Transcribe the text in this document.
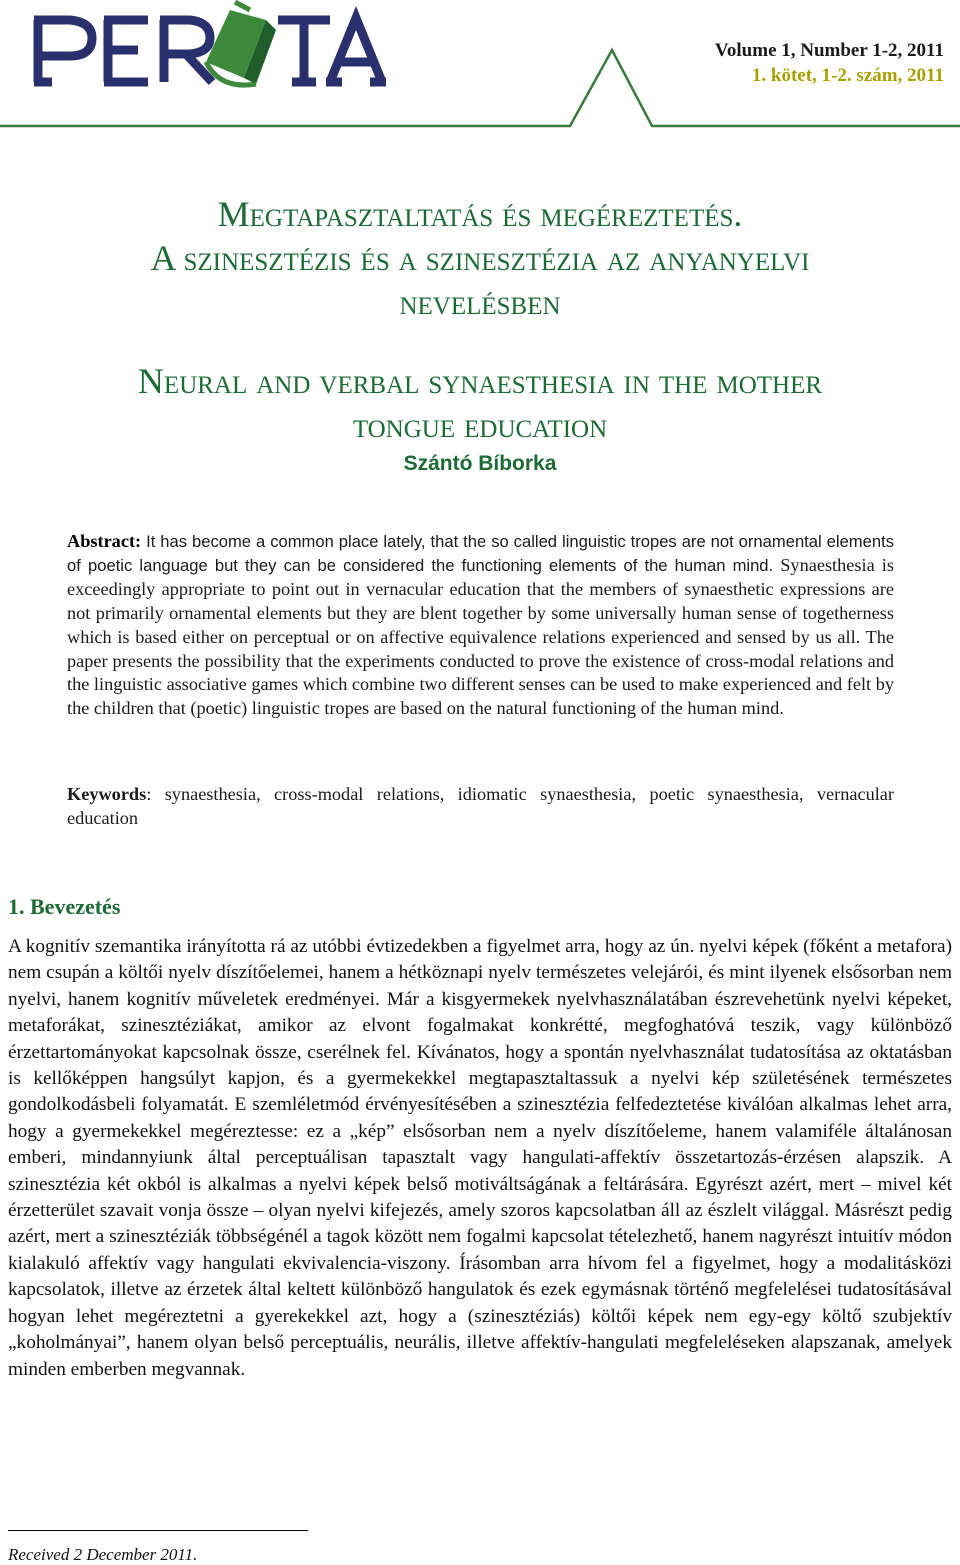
Volume 1, Number 1-2, 2011
1. kötet, 1-2. szám, 2011
Megtapasztaltatás és megéreztetés.
A szinesztézis és a szinesztézia az anyanyelvi
nevelésben
Neural and verbal synaesthesia in the mother
tongue education
Szántó Bíborka
Abstract: It has become a common place lately, that the so called linguistic tropes are not ornamental elements of poetic language but they can be considered the functioning elements of the human mind. Synaesthesia is exceedingly appropriate to point out in vernacular education that the members of synaesthetic expressions are not primarily ornamental elements but they are blent together by some universally human sense of togetherness which is based either on perceptual or on affective equivalence relations experienced and sensed by us all. The paper presents the possibility that the experiments conducted to prove the existence of cross-modal relations and the linguistic associative games which combine two different senses can be used to make experienced and felt by the children that (poetic) linguistic tropes are based on the natural functioning of the human mind.
Keywords: synaesthesia, cross-modal relations, idiomatic synaesthesia, poetic synaesthesia, vernacular education
1. Bevezetés
A kognitív szemantika irányította rá az utóbbi évtizedekben a figyelmet arra, hogy az ún. nyelvi képek (főként a metafora) nem csupán a költői nyelv díszítőelemei, hanem a hétköznapi nyelv természetes velejárói, és mint ilyenek elsősorban nem nyelvi, hanem kognitív műveletek eredményei. Már a kisgyermekek nyelvhasználatában észrevehetünk nyelvi képeket, metaforákat, szinesztéziákat, amikor az elvont fogalmakat konkrétté, megfoghatóvá teszik, vagy különböző érzettartományokat kapcsolnak össze, cserélnek fel. Kívánatos, hogy a spontán nyelvhasználat tudatosítása az oktatásban is kellőképpen hangsúlyt kapjon, és a gyermekekkel megtapasztaltassuk a nyelvi kép születésének természetes gondolkodásbeli folyamatát. E szemléletmód érvényesítésében a szinesztézia felfedeztetése kiválóan alkalmas lehet arra, hogy a gyermekekkel megéreztesse: ez a „kép” elsősorban nem a nyelv díszítőeleme, hanem valamiféle általánosan emberi, mindannyiunk által perceptuálisan tapasztalt vagy hangulati-affektív összetartozás-érzésen alapszik. A szinesztézia két okból is alkalmas a nyelvi képek belső motiváltságának a feltárására. Egyrészt azért, mert – mivel két érzetterület szavait vonja össze – olyan nyelvi kifejezés, amely szoros kapcsolatban áll az észlelt világgal. Másrészt pedig azért, mert a szinesztéziák többségénél a tagok között nem fogalmi kapcsolat tételezhető, hanem nagyrészt intuitív módon kialakuló affektív vagy hangulati ekvivalencia-viszony. Írásomban arra hívom fel a figyelmet, hogy a modalitásközi kapcsolatok, illetve az érzetek által keltett különböző hangulatok és ezek egymásnak történő megfelelései tudatosításával hogyan lehet megéreztetni a gyerekekkel azt, hogy a (szinesztéziás) költői képek nem egy-egy költő szubjektív „koholmányai”, hanem olyan belső perceptuális, neurális, illetve affektív-hangulati megfeleléseken alapszanak, amelyek minden emberben megvannak.
Received 2 December 2011.
